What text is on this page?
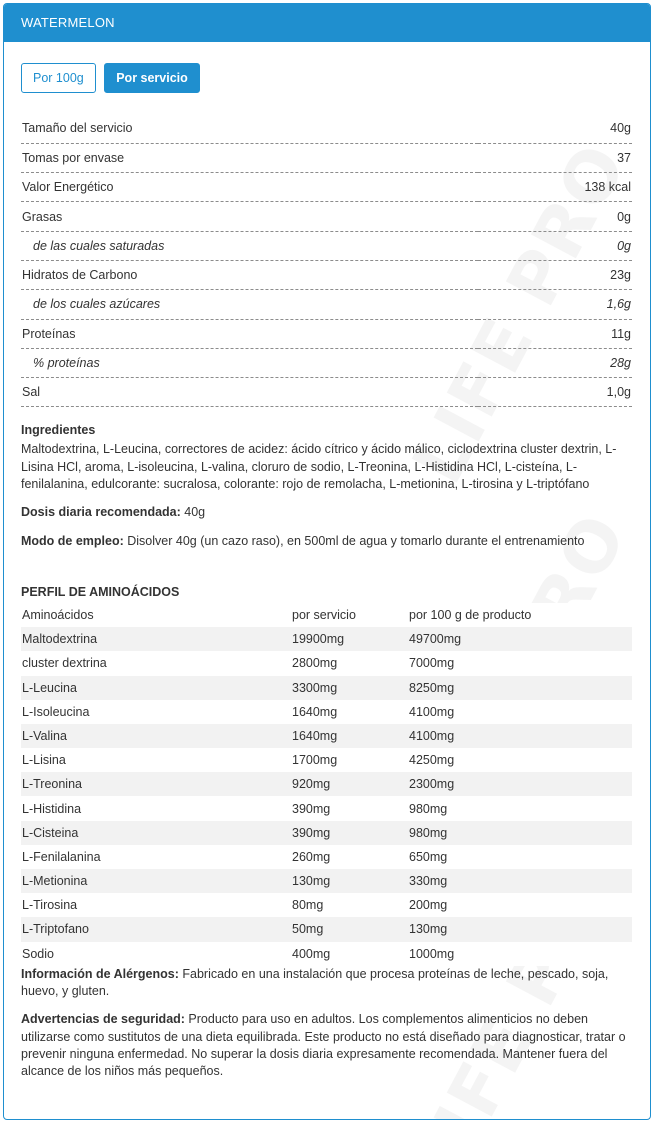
WATERMELON
Por 100g	Por servicio
Tamaño del servicio	40g
Tomas por envase	37
Valor Energético	138 kcal
Grasas	0g
de las cuales saturadas	0g
Hidratos de Carbono	23g
de los cuales azúcares	1,6g
Proteínas	11g
% proteínas	28g
Sal	1,0g
Ingredientes
Maltodextrina, L-Leucina, correctores de acidez: ácido cítrico y ácido málico, ciclodextrina cluster dextrin, L-Lisina HCl, aroma, L-isoleucina, L-valina, cloruro de sodio, L-Treonina, L-Histidina HCl, L-cisteína, L-fenilalanina, edulcorante: sucralosa, colorante: rojo de remolacha, L-metionina, L-tirosina y L-triptófano
Dosis diaria recomendada: 40g
Modo de empleo: Disolver 40g (un cazo raso), en 500ml de agua y tomarlo durante el entrenamiento
PERFIL DE AMINOÁCIDOS
Aminoácidos	por servicio	por 100 g de producto
Maltodextrina	19900mg	49700mg
cluster dextrina	2800mg	7000mg
L-Leucina	3300mg	8250mg
L-Isoleucina	1640mg	4100mg
L-Valina	1640mg	4100mg
L-Lisina	1700mg	4250mg
L-Treonina	920mg	2300mg
L-Histidina	390mg	980mg
L-Cisteina	390mg	980mg
L-Fenilalanina	260mg	650mg
L-Metionina	130mg	330mg
L-Tirosina	80mg	200mg
L-Triptofano	50mg	130mg
Sodio	400mg	1000mg
Información de Alérgenos: Fabricado en una instalación que procesa proteínas de leche, pescado, soja, huevo, y gluten.
Advertencias de seguridad: Producto para uso en adultos. Los complementos alimenticios no deben utilizarse como sustitutos de una dieta equilibrada. Este producto no está diseñado para diagnosticar, tratar o prevenir ninguna enfermedad. No superar la dosis diaria expresamente recomendada. Mantener fuera del alcance de los niños más pequeños.
